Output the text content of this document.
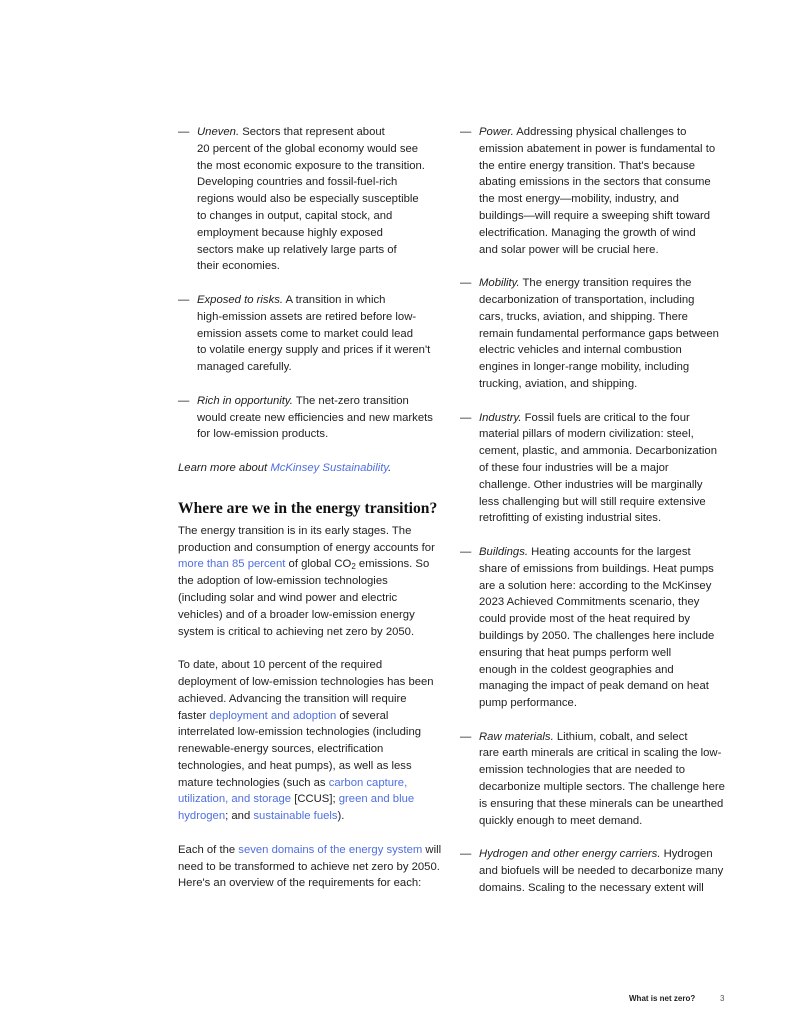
— Uneven. Sectors that represent about
20 percent of the global economy would see
the most economic exposure to the transition.
Developing countries and fossil-fuel-rich
regions would also be especially susceptible
to changes in output, capital stock, and
employment because highly exposed
sectors make up relatively large parts of
their economies.
— Exposed to risks. A transition in which
high-emission assets are retired before low-
emission assets come to market could lead
to volatile energy supply and prices if it weren't
managed carefully.
— Rich in opportunity. The net-zero transition
would create new efficiencies and new markets
for low-emission products.

Learn more about McKinsey Sustainability.

Where are we in the energy transition?

The energy transition is in its early stages. The

production and consumption of energy accounts for

more than 85 percent of global $CO_2$ emissions. So

the adoption of low-emission technologies

(including solar and wind power and electric

vehicles) and of a broader low-emission energy

system is critical to achieving net zero by 2050.

To date, about 10 percent of the required

deployment of low-emission technologies has been

achieved. Advancing the transition will require

faster deployment and adoption of several

interrelated low-emission technologies (including

renewable-energy sources, electrification

technologies, and heat pumps), as well as less

mature technologies (such as carbon capture,

utilization, and storage [CCUS]; green and blue

hydrogen; and sustainable fuels).

Each of the seven domains of the energy system will

need to be transformed to achieve net zero by 2050.

Here's an overview of the requirements for each:

— Power. Addressing physical challenges to
emission abatement in power is fundamental to
the entire energy transition. That's because
abating emissions in the sectors that consume
the most energy—mobility, industry, and
buildings—will require a sweeping shift toward
electrification. Managing the growth of wind
and solar power will be crucial here.
— Mobility. The energy transition requires the
decarbonization of transportation, including
cars, trucks, aviation, and shipping. There
remain fundamental performance gaps between
electric vehicles and internal combustion
engines in longer-range mobility, including
trucking, aviation, and shipping.
— Industry. Fossil fuels are critical to the four
material pillars of modern civilization: steel,
cement, plastic, and ammonia. Decarbonization
of these four industries will be a major
challenge. Other industries will be marginally
less challenging but will still require extensive
retrofitting of existing industrial sites.
— Buildings. Heating accounts for the largest
share of emissions from buildings. Heat pumps
are a solution here: according to the McKinsey
2023 Achieved Commitments scenario, they
could provide most of the heat required by
buildings by 2050. The challenges here include
ensuring that heat pumps perform well
enough in the coldest geographies and
managing the impact of peak demand on heat
pump performance.
— Raw materials. Lithium, cobalt, and select
rare earth minerals are critical in scaling the low-
emission technologies that are needed to
decarbonize multiple sectors. The challenge here
is ensuring that these minerals can be unearthed
quickly enough to meet demand.
— Hydrogen and other energy carriers. Hydrogen
and biofuels will be needed to decarbonize many
domains. Scaling to the necessary extent will
What is net zero?	3
